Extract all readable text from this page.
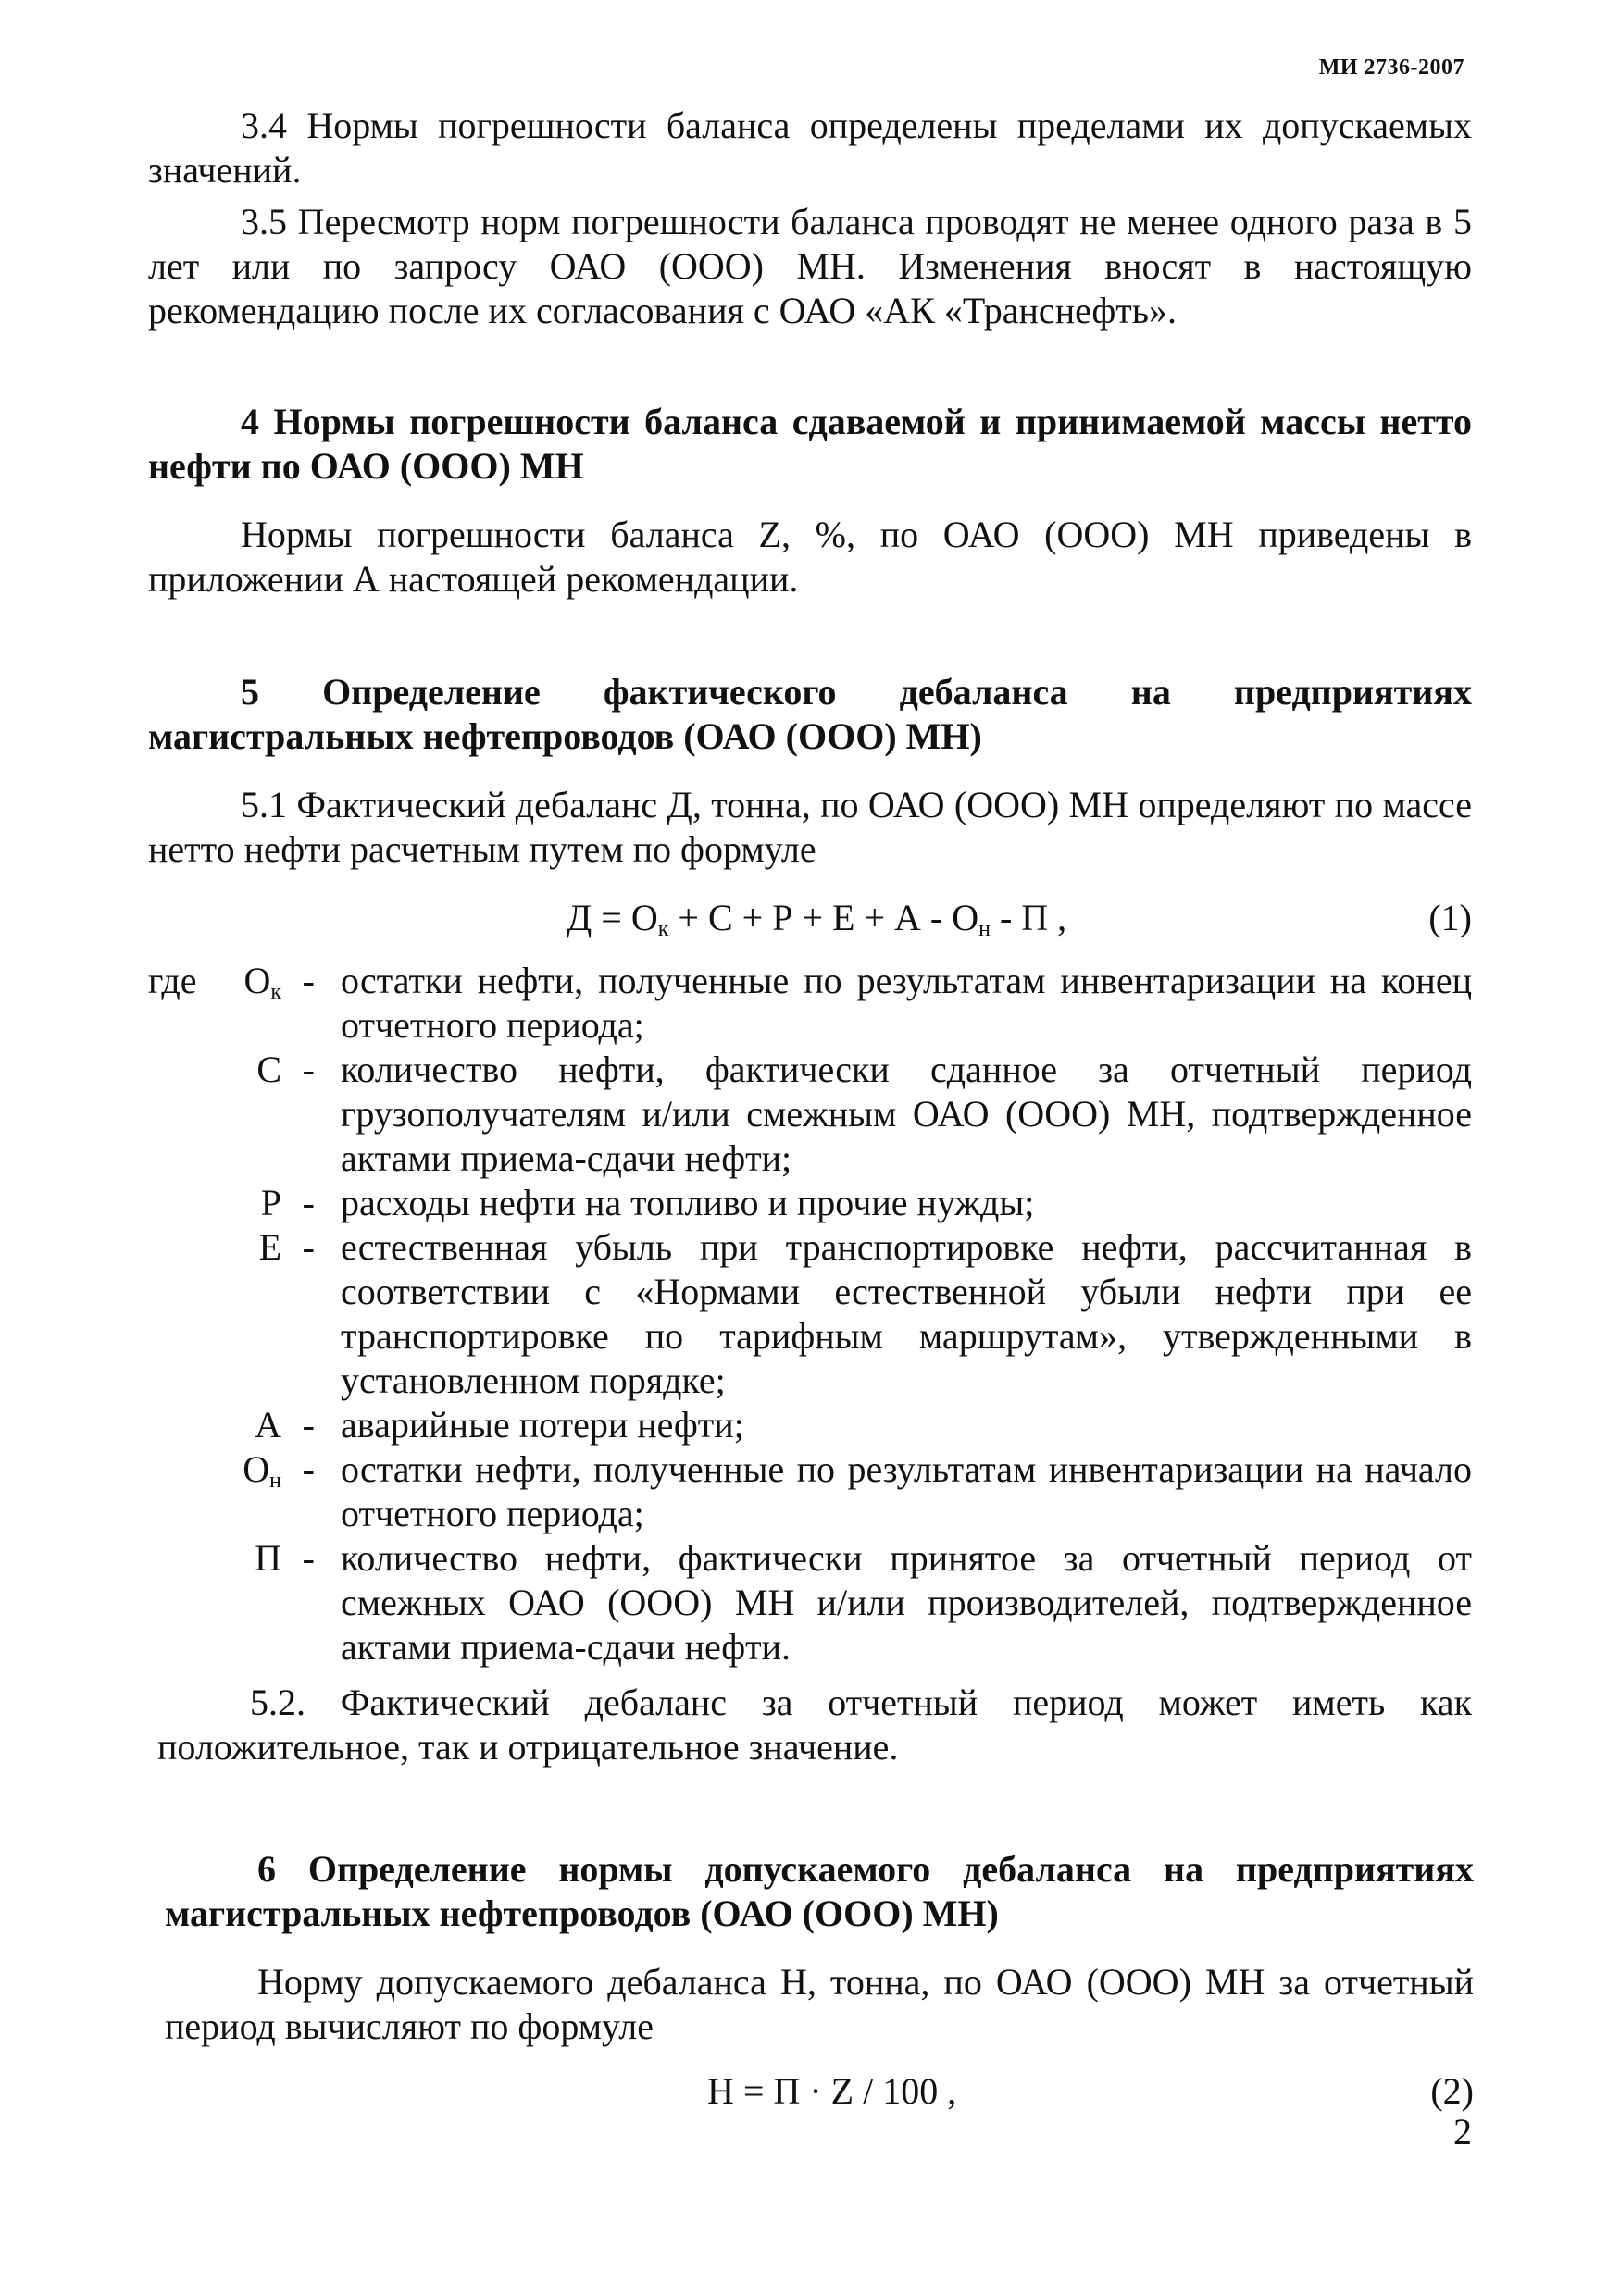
МИ 2736-2007

3.4 Нормы погрешности баланса определены пределами их допускаемых значений.

3.5 Пересмотр норм погрешности баланса проводят не менее одного раза в 5 лет или по запросу ОАО (ООО) МН. Изменения вносят в настоящую рекомендацию после их согласования с ОАО «АК «Транснефть».

4 Нормы погрешности баланса сдаваемой и принимаемой массы нетто нефти по ОАО (ООО) МН

Нормы погрешности баланса Z, %, по ОАО (ООО) МН приведены в приложении А настоящей рекомендации.

5 Определение фактического дебаланса на предприятиях магистральных нефтепроводов (ОАО (ООО) МН)

5.1 Фактический дебаланс Д, тонна, по ОАО (ООО) МН определяют по массе нетто нефти расчетным путем по формуле

$Д = О_к + С + Р + Е + А - О_н - П$ ,	(1)
где $О_к$ - остатки нефти, полученные по результатам инвентаризации на конец отчетного периода;
С - количество нефти, фактически сданное за отчетный период грузополучателям и/или смежным ОАО (ООО) МН, подтвержденное актами приема-сдачи нефти;
Р - расходы нефти на топливо и прочие нужды;
Е - естественная убыль при транспортировке нефти, рассчитанная в соответствии с «Нормами естественной убыли нефти при ее транспортировке по тарифным маршрутам», утвержденными в установленном порядке;
А - аварийные потери нефти;
$О_н$ - остатки нефти, полученные по результатам инвентаризации на начало отчетного периода;
П - количество нефти, фактически принятое за отчетный период от смежных ОАО (ООО) МН и/или производителей, подтвержденное актами приема-сдачи нефти.

5.2. Фактический дебаланс за отчетный период может иметь как положительное, так и отрицательное значение.

6 Определение нормы допускаемого дебаланса на предприятиях магистральных нефтепроводов (ОАО (ООО) МН)

Норму допускаемого дебаланса Н, тонна, по ОАО (ООО) МН за отчетный период вычисляют по формуле

Н = П · Z / 100 ,	(2)
2
